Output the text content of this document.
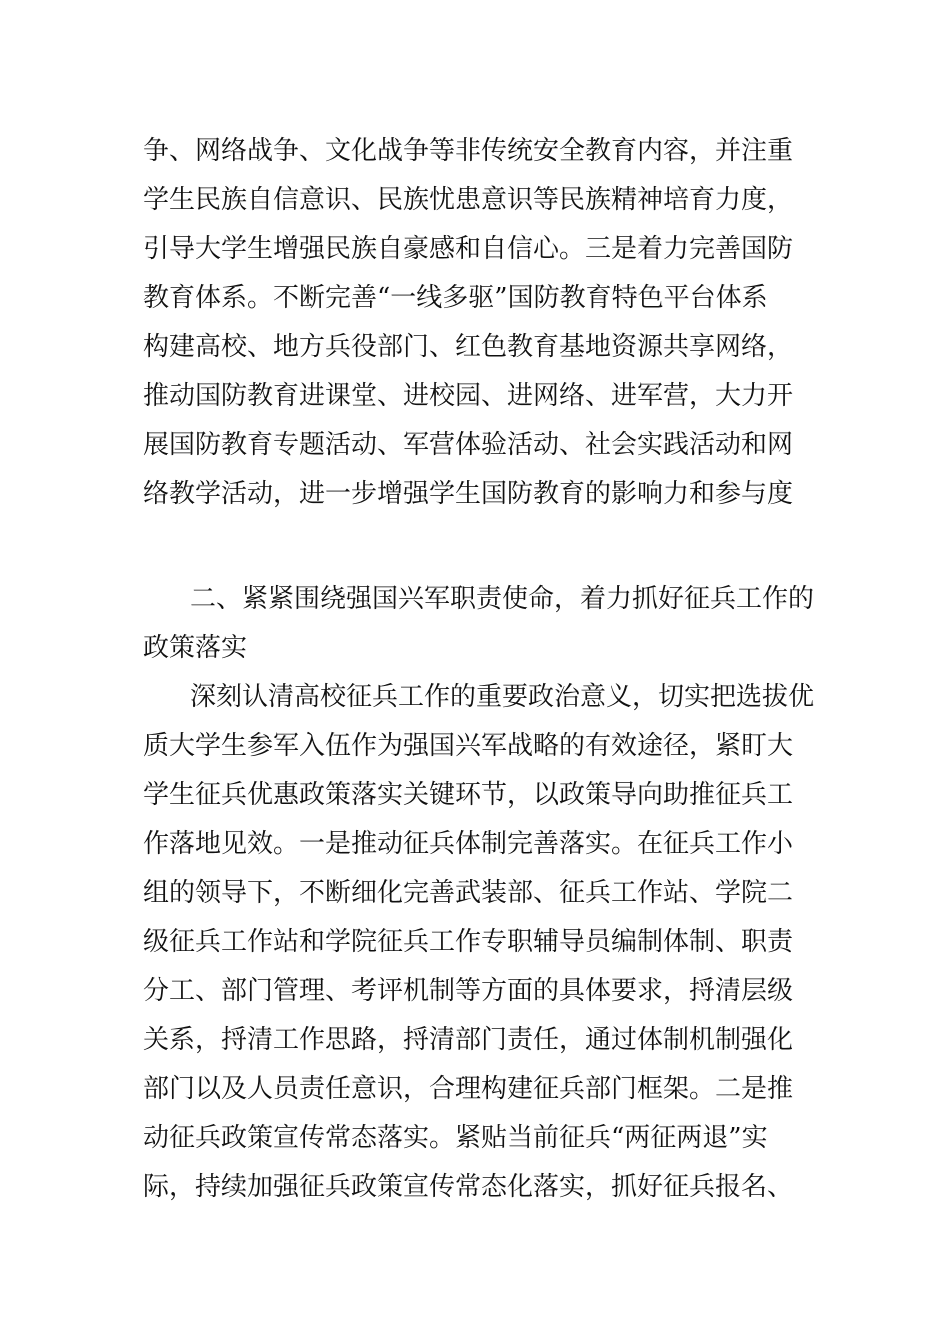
争、网络战争、文化战争等非传统安全教育内容，并注重
学生民族自信意识、民族忧患意识等民族精神培育力度，
引导大学生增强民族自豪感和自信心。三是着力完善国防
教育体系。不断完善“一线多驱”国防教育特色平台体系
构建高校、地方兵役部门、红色教育基地资源共享网络，
推动国防教育进课堂、进校园、进网络、进军营，大力开
展国防教育专题活动、军营体验活动、社会实践活动和网
络教学活动，进一步增强学生国防教育的影响力和参与度
二、紧紧围绕强国兴军职责使命，着力抓好征兵工作的
政策落实
深刻认清高校征兵工作的重要政治意义，切实把选拔优
质大学生参军入伍作为强国兴军战略的有效途径，紧盯大
学生征兵优惠政策落实关键环节，以政策导向助推征兵工
作落地见效。一是推动征兵体制完善落实。在征兵工作小
组的领导下，不断细化完善武装部、征兵工作站、学院二
级征兵工作站和学院征兵工作专职辅导员编制体制、职责
分工、部门管理、考评机制等方面的具体要求，捋清层级
关系，捋清工作思路，捋清部门责任，通过体制机制强化
部门以及人员责任意识，合理构建征兵部门框架。二是推
动征兵政策宣传常态落实。紧贴当前征兵“两征两退”实
际，持续加强征兵政策宣传常态化落实，抓好征兵报名、
